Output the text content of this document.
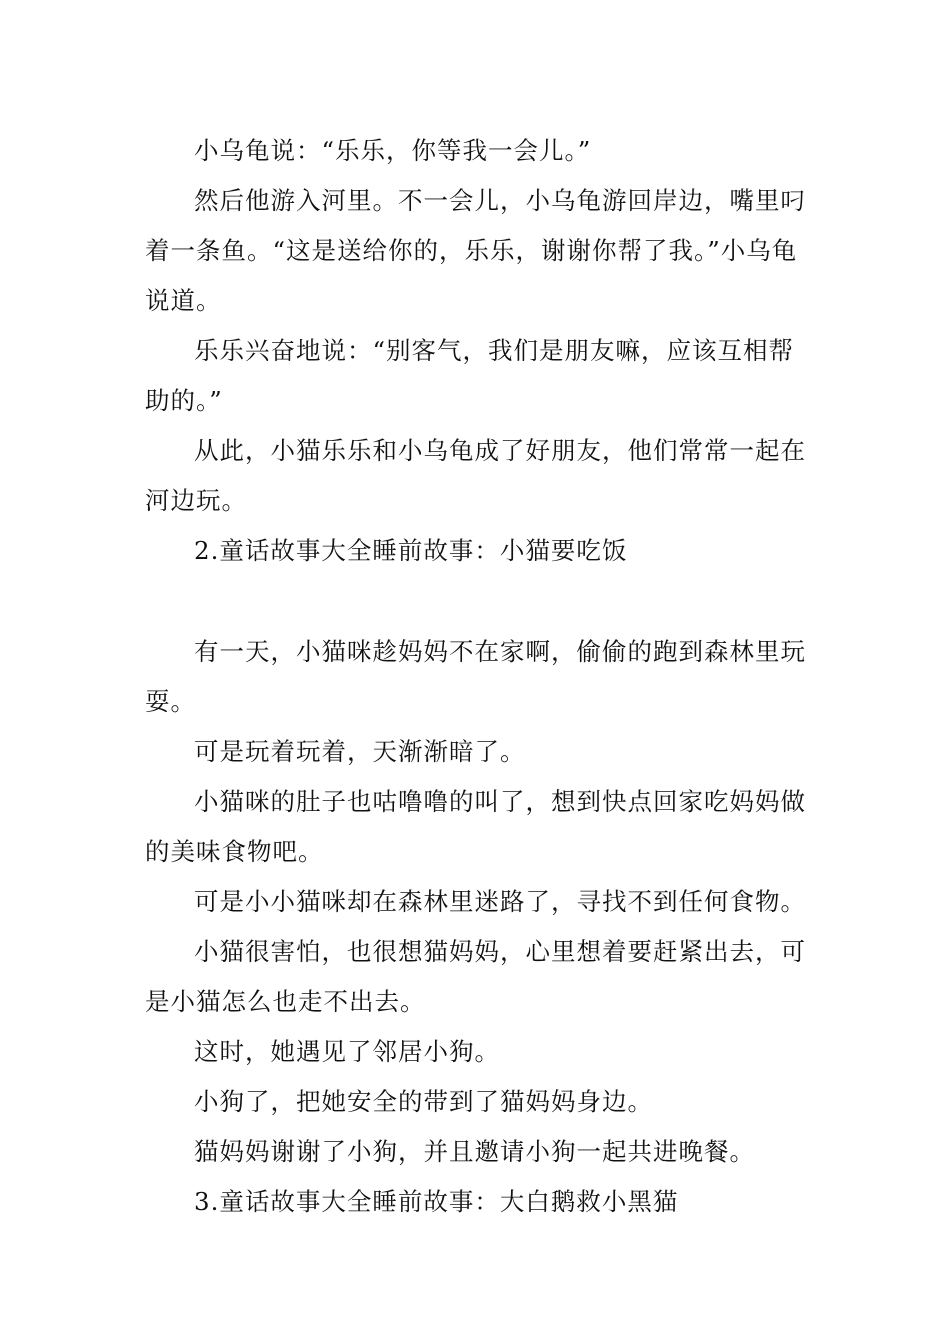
小乌龟说：“乐乐，你等我一会儿。”

然后他游入河里。不一会儿，小乌龟游回岸边，嘴里叼着一条鱼。“这是送给你的，乐乐，谢谢你帮了我。”小乌龟说道。

乐乐兴奋地说：“别客气，我们是朋友嘛，应该互相帮助的。”

从此，小猫乐乐和小乌龟成了好朋友，他们常常一起在河边玩。

2.童话故事大全睡前故事：小猫要吃饭

有一天，小猫咪趁妈妈不在家啊，偷偷的跑到森林里玩耍。

可是玩着玩着，天渐渐暗了。

小猫咪的肚子也咕噜噜的叫了，想到快点回家吃妈妈做的美味食物吧。

可是小小猫咪却在森林里迷路了，寻找不到任何食物。

小猫很害怕，也很想猫妈妈，心里想着要赶紧出去，可是小猫怎么也走不出去。

这时，她遇见了邻居小狗。

小狗了，把她安全的带到了猫妈妈身边。

猫妈妈谢谢了小狗，并且邀请小狗一起共进晚餐。

3.童话故事大全睡前故事：大白鹅救小黑猫
